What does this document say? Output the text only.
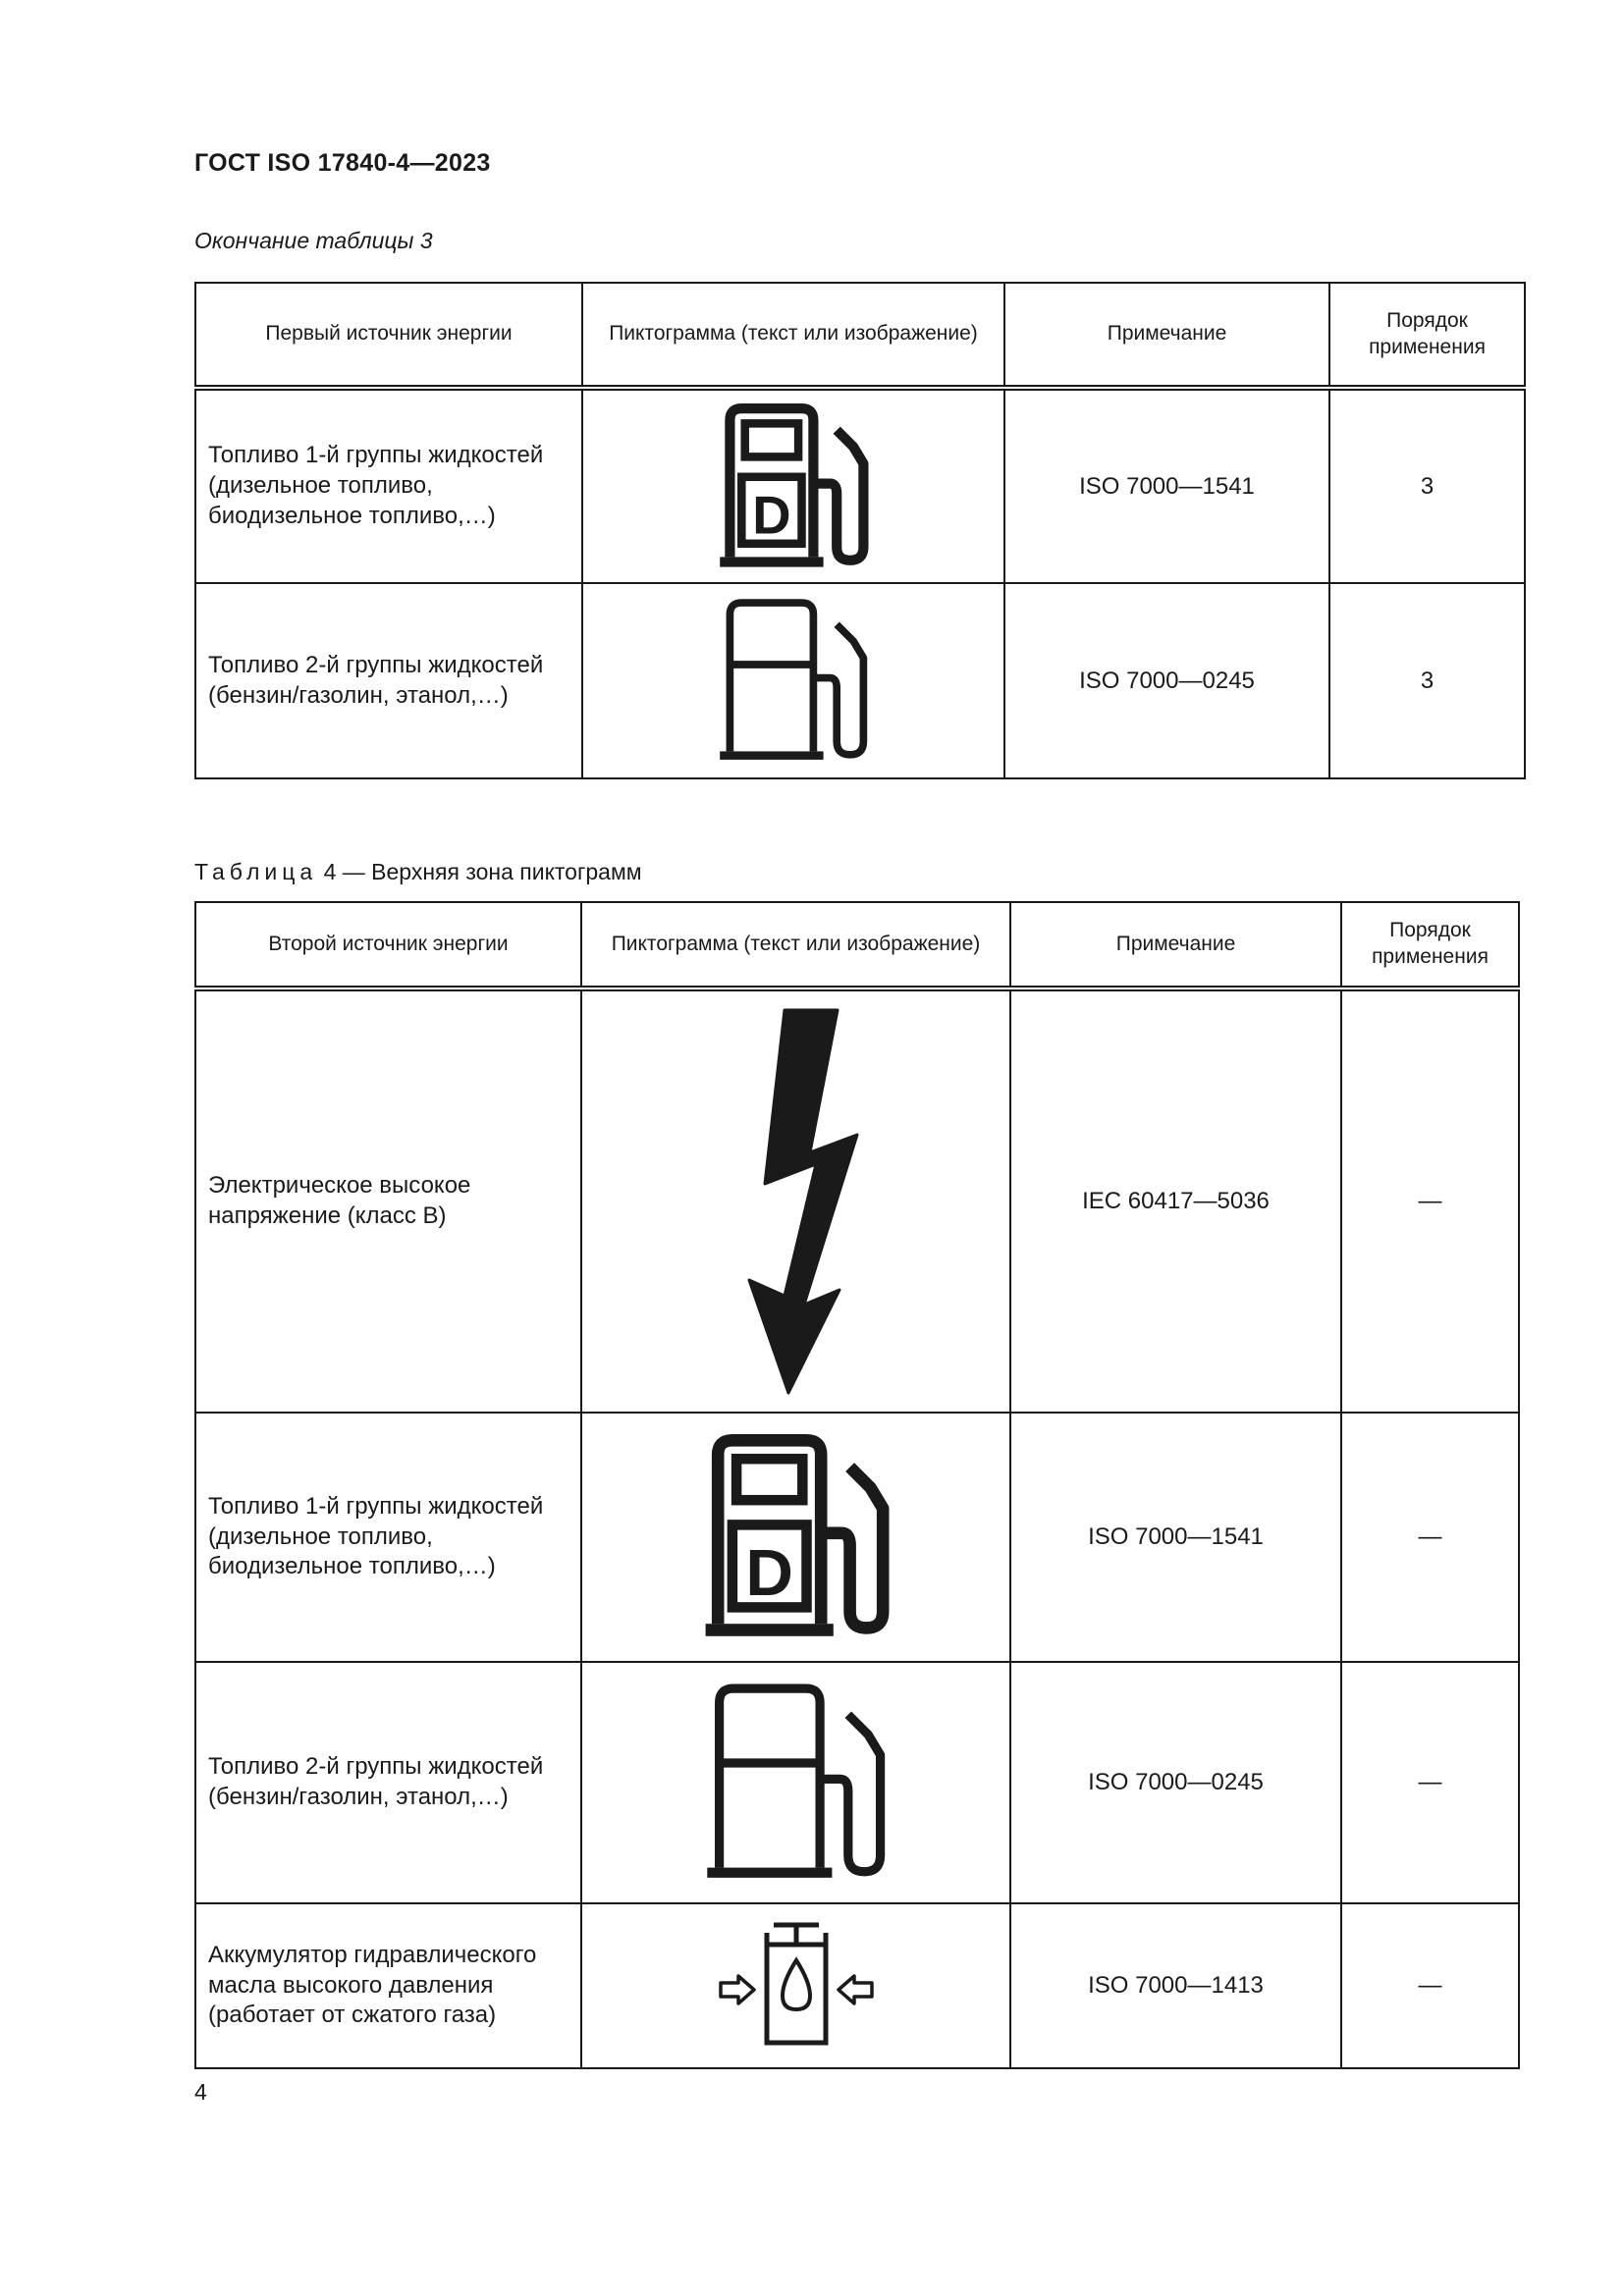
ГОСТ ISO 17840-4—2023
Окончание таблицы 3
Первый источник энергии	Пиктограмма (текст или изображение)	Примечание	Порядок применения
Топливо 1-й группы жидкостей (дизельное топливо, биодизельное топливо,…)	D	ISO 7000—1541	3
Топливо 2-й группы жидкостей (бензин/газолин, этанол,…)		ISO 7000—0245	3
Таблица 4 — Верхняя зона пиктограмм
Второй источник энергии	Пиктограмма (текст или изображение)	Примечание	Порядок применения
Электрическое высокое напряжение (класс В)		IEC 60417—5036	—
Топливо 1-й группы жидкостей (дизельное топливо, биодизельное топливо,…)	D	ISO 7000—1541	—
Топливо 2-й группы жидкостей (бензин/газолин, этанол,…)		ISO 7000—0245	—
Аккумулятор гидравлического масла высокого давления (работает от сжатого газа)		ISO 7000—1413	—
4
